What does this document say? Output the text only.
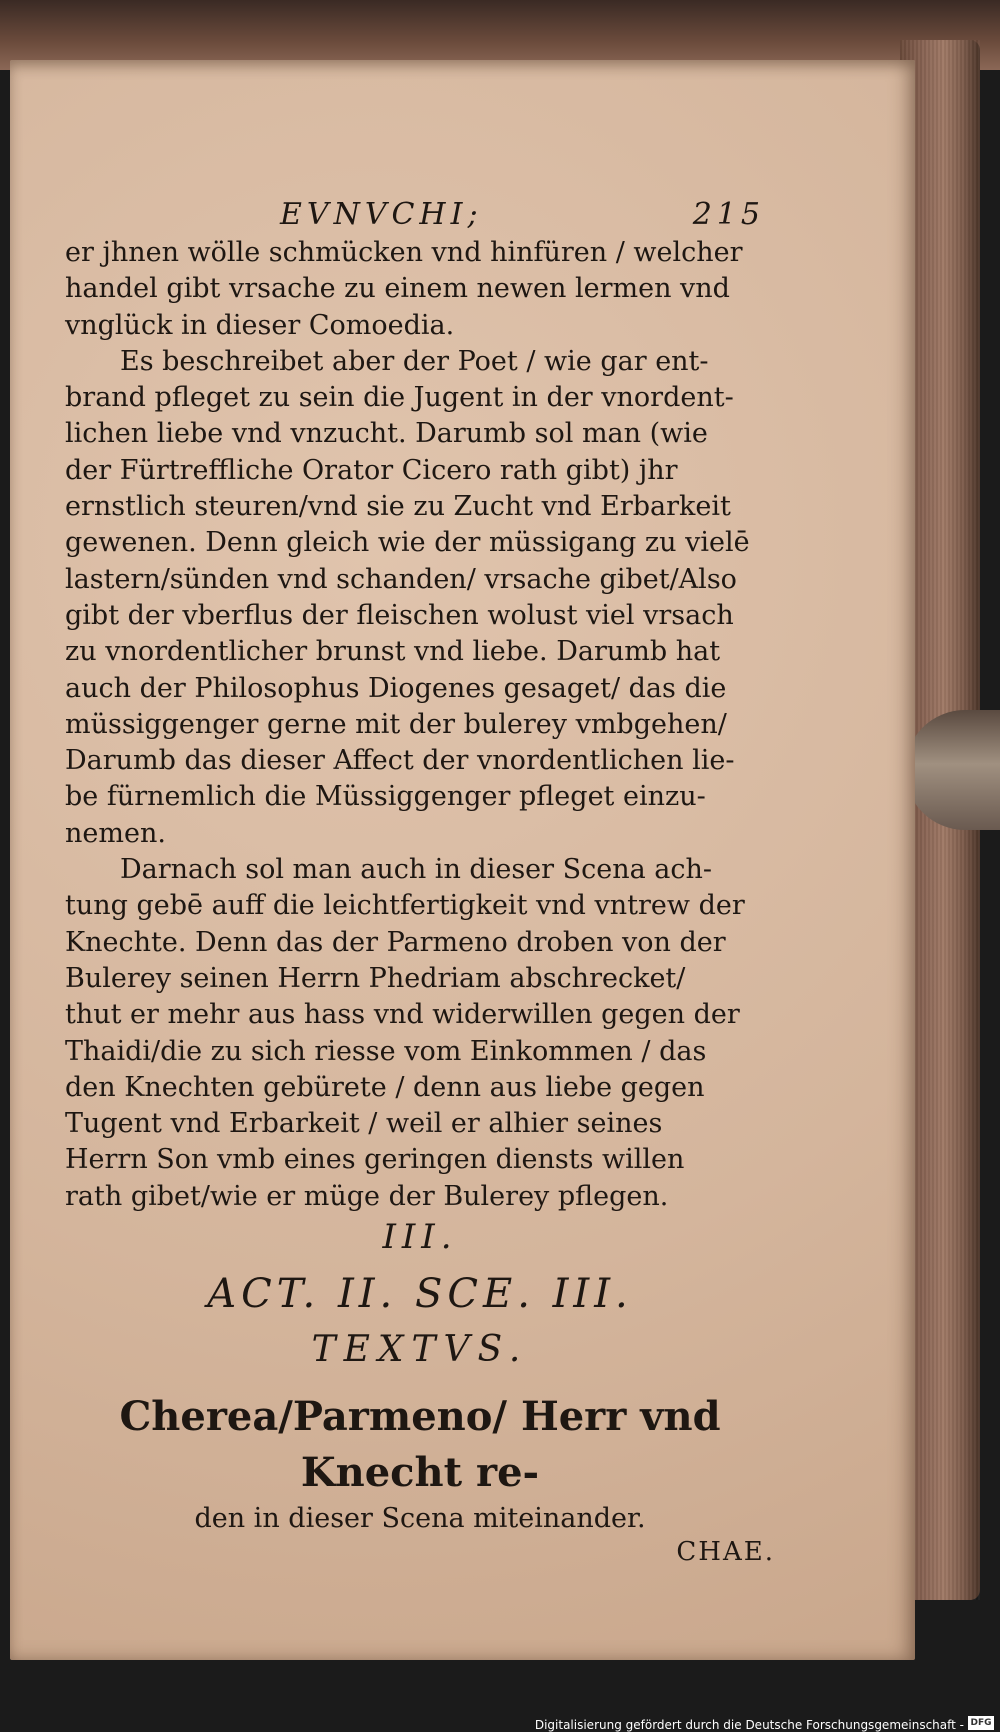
EVNVCHI;	215
er jhnen wölle schmücken vnd hinfüren / welcher
handel gibt vrsache zu einem newen lermen vnd
vnglück in dieser Comoedia.
Es beschreibet aber der Poet / wie gar ent-
brand pfleget zu sein die Jugent in der vnordent-
lichen liebe vnd vnzucht. Darumb sol man (wie
der Fürtreffliche Orator Cicero rath gibt) jhr
ernstlich steuren/vnd sie zu Zucht vnd Erbarkeit
gewenen. Denn gleich wie der müssigang zu vielē
lastern/sünden vnd schanden/ vrsache gibet/Also
gibt der vberflus der fleischen wolust viel vrsach
zu vnordentlicher brunst vnd liebe. Darumb hat
auch der Philosophus Diogenes gesaget/ das die
müssiggenger gerne mit der bulerey vmbgehen/
Darumb das dieser Affect der vnordentlichen lie-
be fürnemlich die Müssiggenger pfleget einzu-
nemen.
Darnach sol man auch in dieser Scena ach-
tung gebē auff die leichtfertigkeit vnd vntrew der
Knechte. Denn das der Parmeno droben von der
Bulerey seinen Herrn Phedriam abschrecket/
thut er mehr aus hass vnd widerwillen gegen der
Thaidi/die zu sich riesse vom Einkommen / das
den Knechten gebürete / denn aus liebe gegen
Tugent vnd Erbarkeit / weil er alhier seines
Herrn Son vmb eines geringen diensts willen
rath gibet/wie er müge der Bulerey pflegen.

III.

ACT. II. SCE. III.

TEXTVS.

Cherea/Parmeno/ Herr vnd Knecht re-

den in dieser Scena miteinander.

CHAE.
Digitalisierung gefördert durch die Deutsche Forschungsgemeinschaft - DFG
